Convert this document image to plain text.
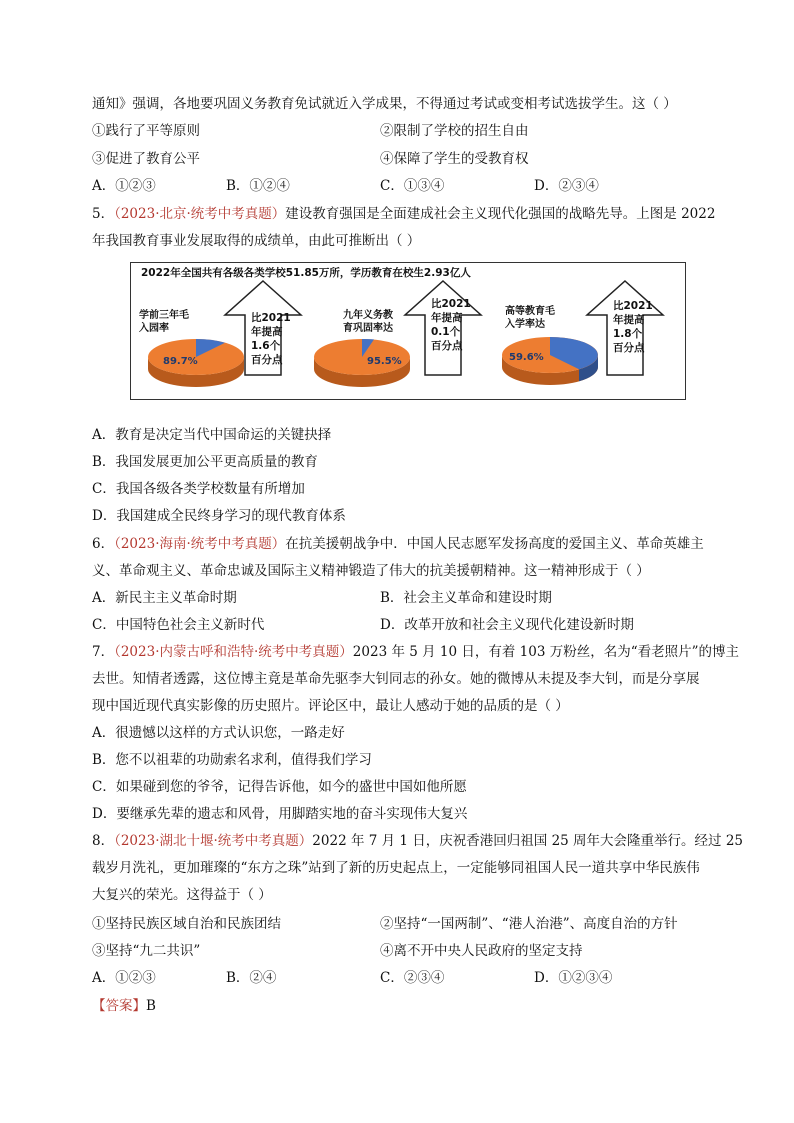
通知》强调，各地要巩固义务教育免试就近入学成果，不得通过考试或变相考试选拔学生。这（ ）
①践行了平等原则	②限制了学校的招生自由
③促进了教育公平	④保障了学生的受教育权
A．①②③	B．①②④	C．①③④	D．②③④
5．（2023·北京·统考中考真题）建设教育强国是全面建成社会主义现代化强国的战略先导。上图是 2022
年我国教育事业发展取得的成绩单，由此可推断出（ ）
2022年全国共有各级各类学校51.85万所，学历教育在校生2.93亿人
学前三年毛
入园率
89.7%
比2021
年提高
1.6个
百分点
九年义务教
育巩固率达
95.5%
比2021
年提高
0.1个
百分点
高等教育毛
入学率达
59.6%
比2021
年提高
1.8个
百分点
A．教育是决定当代中国命运的关键抉择
B．我国发展更加公平更高质量的教育
C．我国各级各类学校数量有所增加
D．我国建成全民终身学习的现代教育体系
6．（2023·海南·统考中考真题）在抗美援朝战争中．中国人民志愿军发扬高度的爱国主义、革命英雄主
义、革命观主义、革命忠诚及国际主义精神锻造了伟大的抗美援朝精神。这一精神形成于（ ）
A．新民主主义革命时期	B．社会主义革命和建设时期
C．中国特色社会主义新时代	D．改革开放和社会主义现代化建设新时期
7．（2023·内蒙古呼和浩特·统考中考真题）2023 年 5 月 10 日，有着 103 万粉丝，名为“看老照片”的博主
去世。知情者透露，这位博主竟是革命先驱李大钊同志的孙女。她的微博从未提及李大钊，而是分享展
现中国近现代真实影像的历史照片。评论区中，最让人感动于她的品质的是（ ）
A．很遗憾以这样的方式认识您，一路走好
B．您不以祖辈的功勋索名求利，值得我们学习
C．如果碰到您的爷爷，记得告诉他，如今的盛世中国如他所愿
D．要继承先辈的遗志和风骨，用脚踏实地的奋斗实现伟大复兴
8．（2023·湖北十堰·统考中考真题）2022 年 7 月 1 日，庆祝香港回归祖国 25 周年大会隆重举行。经过 25
载岁月洗礼，更加璀璨的“东方之珠”站到了新的历史起点上，一定能够同祖国人民一道共享中华民族伟
大复兴的荣光。这得益于（ ）
①坚持民族区域自治和民族团结	②坚持“一国两制”、“港人治港”、高度自治的方针
③坚持“九二共识”	④离不开中央人民政府的坚定支持
A．①②③	B．②④	C．②③④	D．①②③④
【答案】B
